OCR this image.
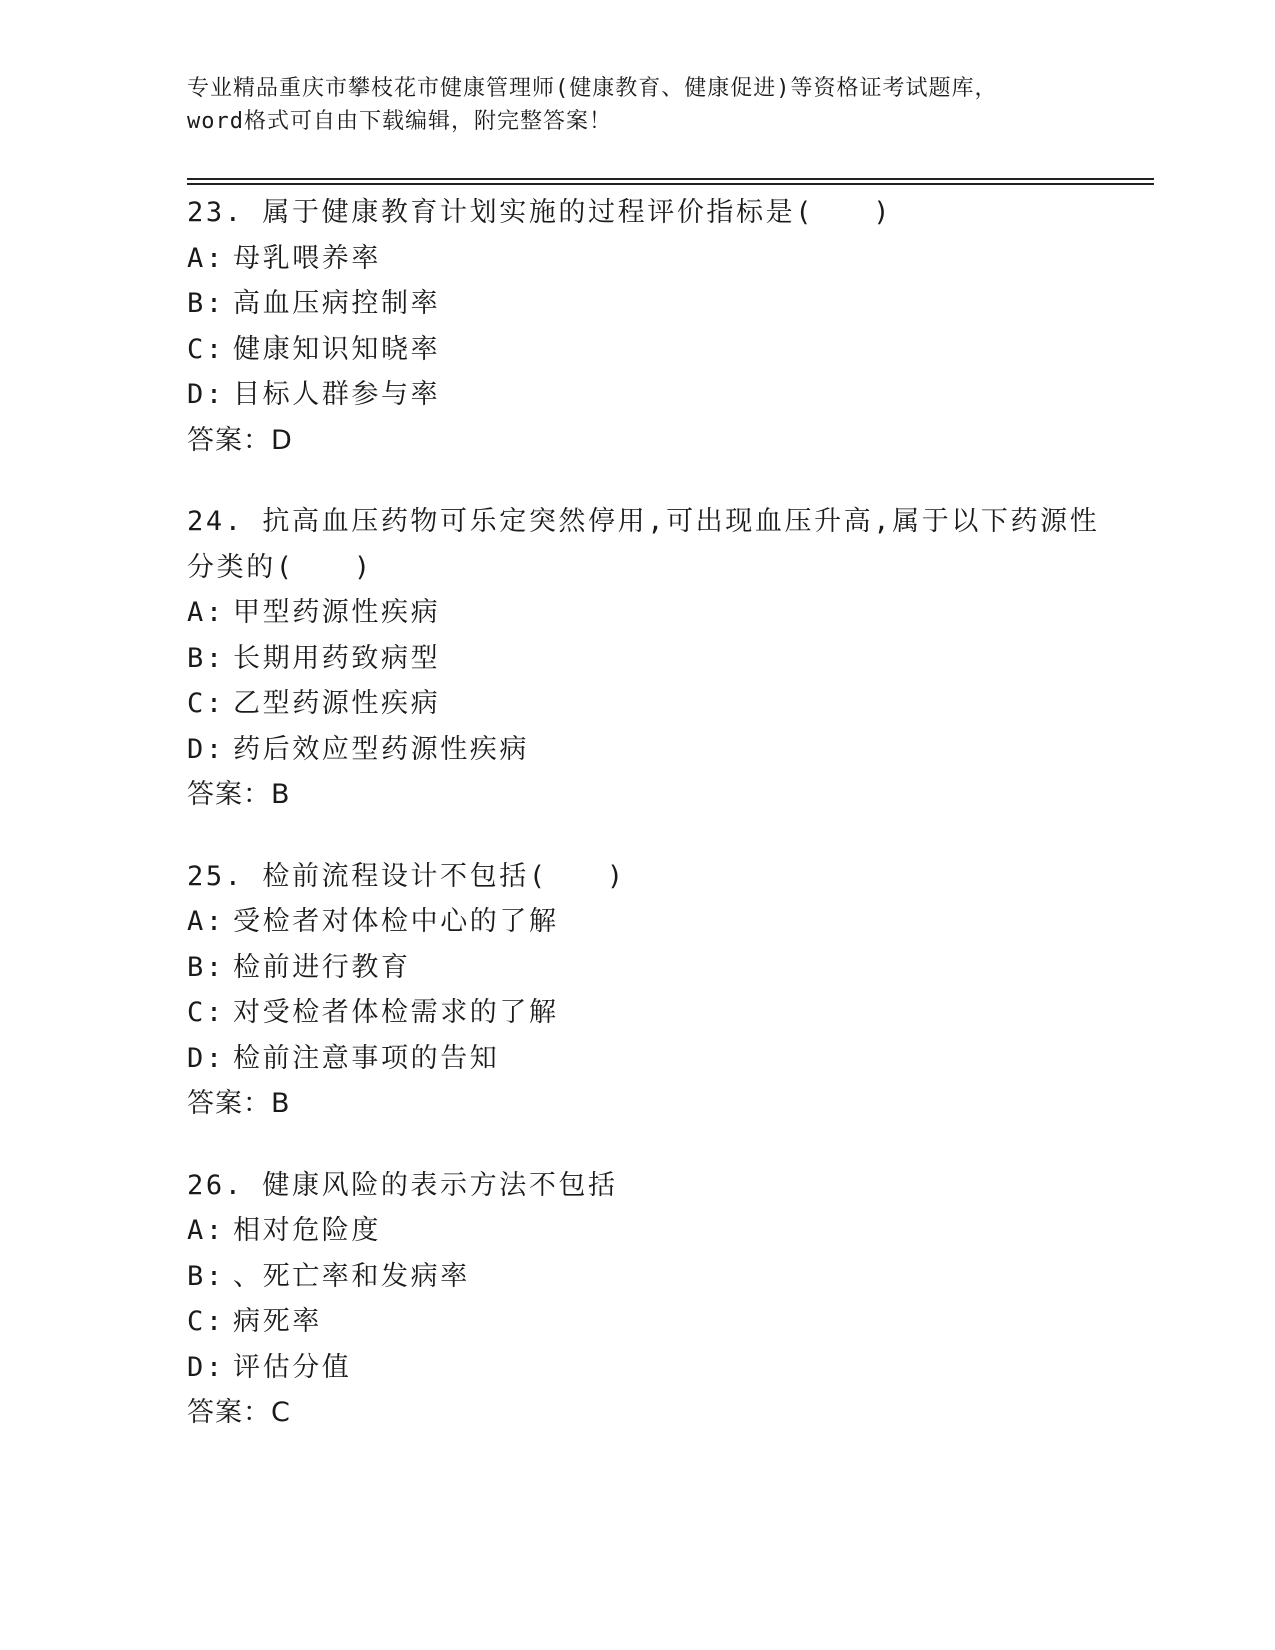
专业精品重庆市攀枝花市健康管理师(健康教育、健康促进)等资格证考试题库，
word格式可自由下载编辑，附完整答案！
23. 属于健康教育计划实施的过程评价指标是(　　)
A: 母乳喂养率
B: 高血压病控制率
C: 健康知识知晓率
D: 目标人群参与率
答案：D
24. 抗高血压药物可乐定突然停用,可出现血压升高,属于以下药源性分类的(　　)
A: 甲型药源性疾病
B: 长期用药致病型
C: 乙型药源性疾病
D: 药后效应型药源性疾病
答案：B
25. 检前流程设计不包括(　　)
A: 受检者对体检中心的了解
B: 检前进行教育
C: 对受检者体检需求的了解
D: 检前注意事项的告知
答案：B
26. 健康风险的表示方法不包括
A: 相对危险度
B: 、死亡率和发病率
C: 病死率
D: 评估分值
答案：C
